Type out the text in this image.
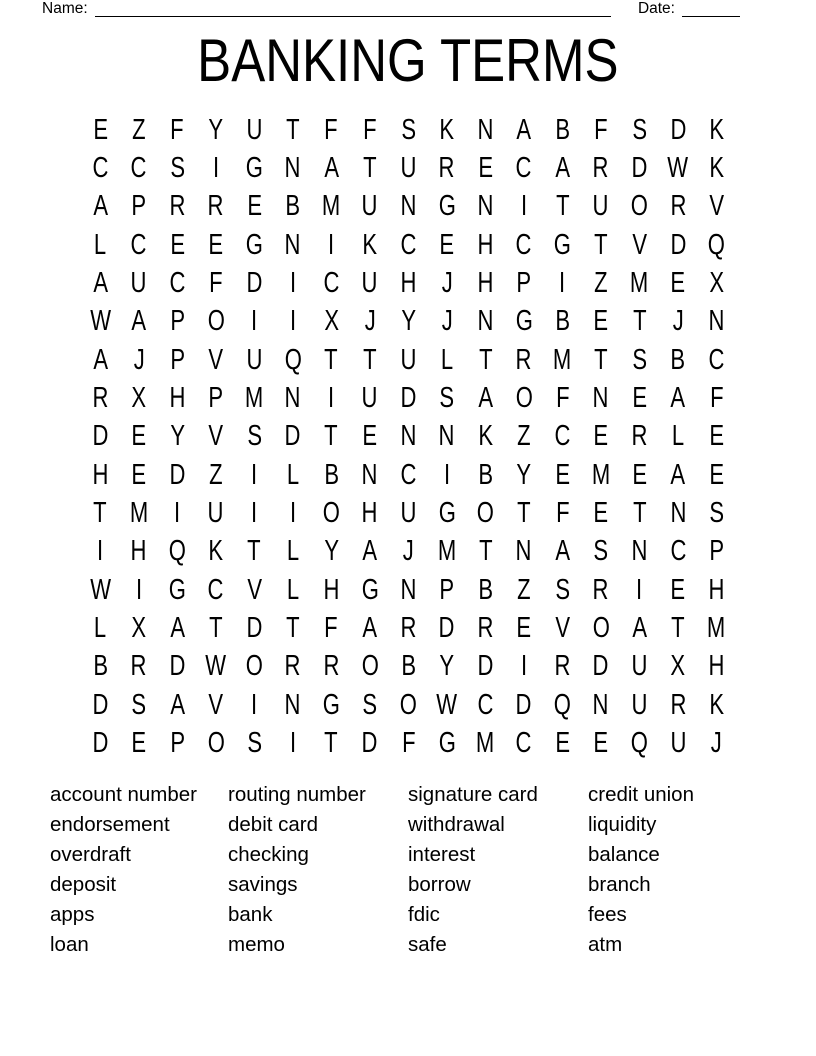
Name:	Date:
BANKING TERMS
E Z F Y U T F F S K N A B F S D K
C C S I G N A T U R E C A R D W K
A P R R E B M U N G N I T U O R V
L C E E G N I K C E H C G T V D Q
A U C F D I C U H J H P I Z M E X
W A P O I I X J Y J N G B E T J N
A J P V U Q T T U L T R M T S B C
R X H P M N I U D S A O F N E A F
D E Y V S D T E N N K Z C E R L E
H E D Z I L B N C I B Y E M E A E
T M I U I I O H U G O T F E T N S
I H Q K T L Y A J M T N A S N C P
W I G C V L H G N P B Z S R I E H
L X A T D T F A R D R E V O A T M
B R D W O R R O B Y D I R D U X H
D S A V I N G S O W C D Q N U R K
D E P O S I T D F G M C E E Q U J
account number
endorsement
overdraft
deposit
apps
loan
routing number
debit card
checking
savings
bank
memo
signature card
withdrawal
interest
borrow
fdic
safe
credit union
liquidity
balance
branch
fees
atm
